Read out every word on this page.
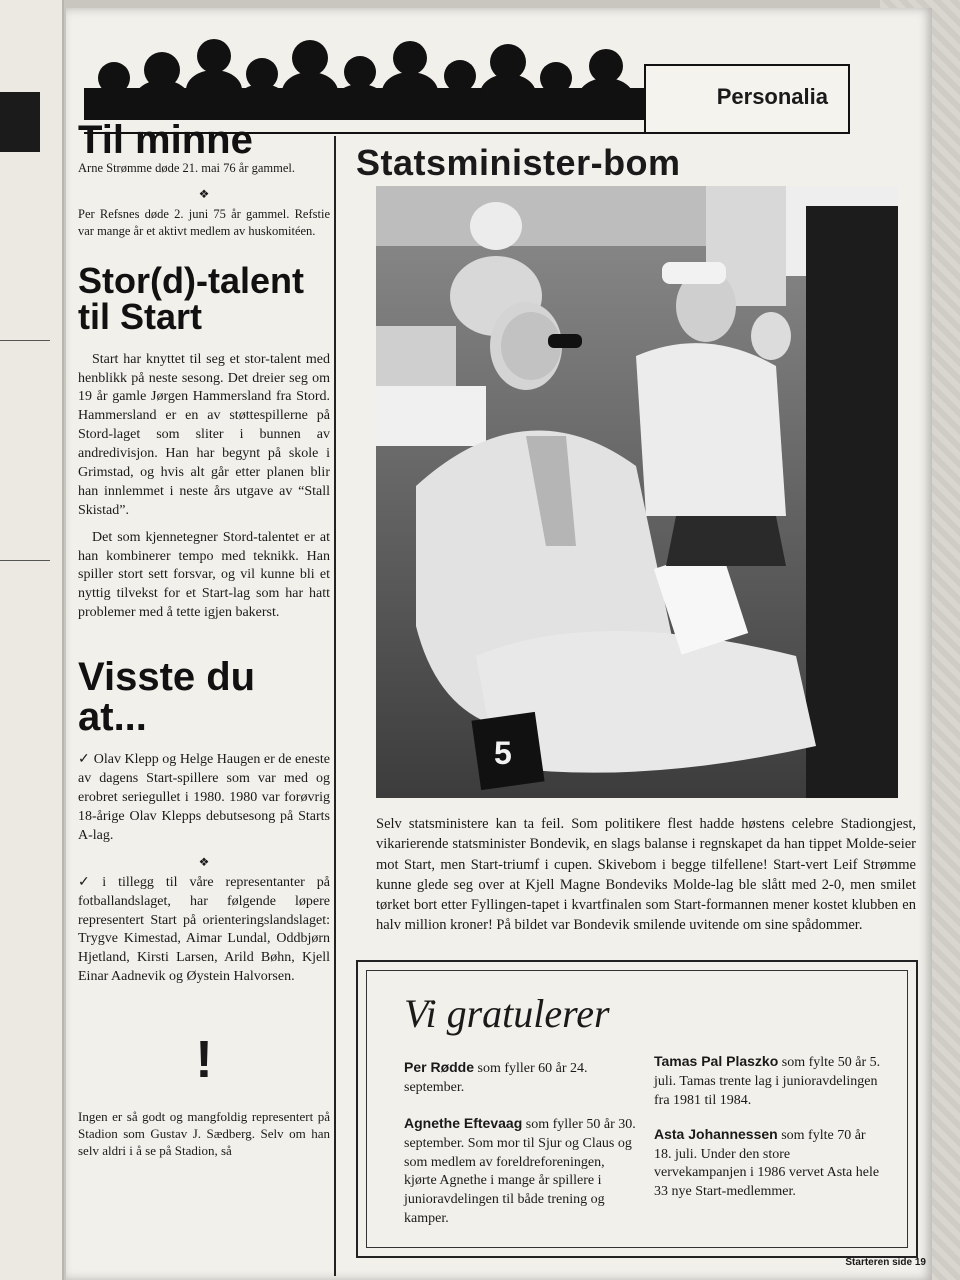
Personalia
Til minne

Arne Strømme døde 21. mai 76 år gammel.

❖

Per Refsnes døde 2. juni 75 år gammel. Refstie var mange år et aktivt medlem av huskomitéen.

Stor(d)-talent til Start

Start har knyttet til seg et stor-talent med henblikk på neste sesong. Det dreier seg om 19 år gamle Jørgen Hammersland fra Stord. Hammersland er en av støttespillerne på Stord-laget som sliter i bunnen av andredivisjon. Han har begynt på skole i Grimstad, og hvis alt går etter planen blir han innlemmet i neste års utgave av “Stall Skistad”.

Det som kjennetegner Stord-talentet er at han kombinerer tempo med teknikk. Han spiller stort sett forsvar, og vil kunne bli et nyttig tilvekst for et Start-lag som har hatt problemer med å tette igjen bakerst.

Visste du at...

✓ Olav Klepp og Helge Haugen er de eneste av dagens Start-spillere som var med og erobret seriegullet i 1980. 1980 var forøvrig 18-årige Olav Klepps debutsesong på Starts A-lag.

❖

✓ i tillegg til våre representanter på fotballandslaget, har følgende løpere representert Start på orienteringslandslaget: Trygve Kimestad, Aimar Lundal, Oddbjørn Hjetland, Kirsti Larsen, Arild Bøhn, Kjell Einar Aadnevik og Øystein Halvorsen.

!

Ingen er så godt og mangfoldig representert på Stadion som Gustav J. Sædberg. Selv om han selv aldri i å se på Stadion, så

Statsminister-bom
5
Selv statsministere kan ta feil. Som politikere flest hadde høstens celebre Stadiongjest, vikarierende statsminister Bondevik, en slags balanse i regnskapet da han tippet Molde-seier mot Start, men Start-triumf i cupen. Skivebom i begge tilfellene! Start-vert Leif Strømme kunne glede seg over at Kjell Magne Bondeviks Molde-lag ble slått med 2-0, men smilet tørket bort etter Fyllingen-tapet i kvartfinalen som Start-formannen mener kostet klubben en halv million kroner! På bildet var Bondevik smilende uvitende om sine spådommer.
Vi gratulerer

Per Rødde som fyller 60 år 24. september.

Agnethe Eftevaag som fyller 50 år 30. september. Som mor til Sjur og Claus og som medlem av foreldreforeningen, kjørte Agnethe i mange år spillere i junioravdelingen til både trening og kamper.

Tamas Pal Plaszko som fylte 50 år 5. juli. Tamas trente lag i junioravdelingen fra 1981 til 1984.

Asta Johannessen som fylte 70 år 18. juli. Under den store vervekampanjen i 1986 vervet Asta hele 33 nye Start-medlemmer.

Starteren side 19
